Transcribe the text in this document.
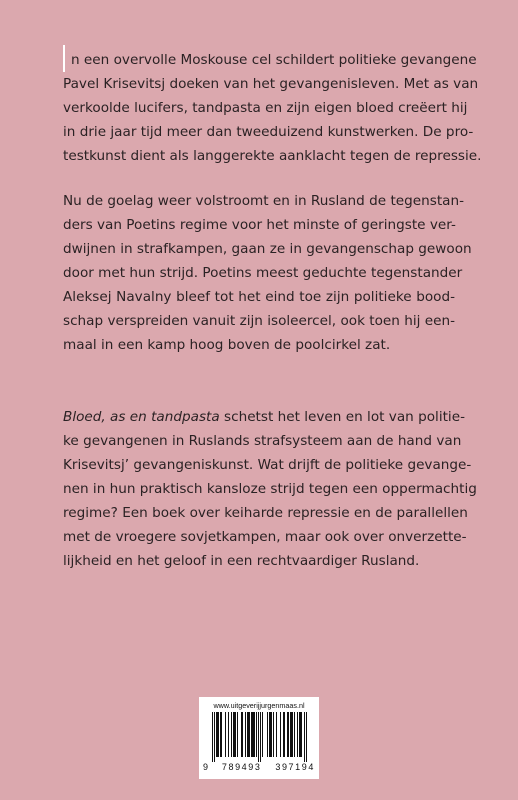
n een overvolle Moskouse cel schildert politieke gevangene
Pavel Krisevitsj doeken van het gevangenisleven. Met as van
verkoolde lucifers, tandpasta en zijn eigen bloed creëert hij
in drie jaar tijd meer dan tweeduizend kunstwerken. De pro-
testkunst dient als langgerekte aanklacht tegen de repressie.
Nu de goelag weer volstroomt en in Rusland de tegenstan-
ders van Poetins regime voor het minste of geringste ver-
dwijnen in strafkampen, gaan ze in gevangenschap gewoon
door met hun strijd. Poetins meest geduchte tegenstander
Aleksej Navalny bleef tot het eind toe zijn politieke bood-
schap verspreiden vanuit zijn isoleercel, ook toen hij een-
maal in een kamp hoog boven de poolcirkel zat.
Bloed, as en tandpasta schetst het leven en lot van politie-
ke gevangenen in Ruslands strafsysteem aan de hand van
Krisevitsj’ gevangeniskunst. Wat drijft de politieke gevange-
nen in hun praktisch kansloze strijd tegen een oppermachtig
regime? Een boek over keiharde repressie en de parallellen
met de vroegere sovjetkampen, maar ook over onverzette-
lijkheid en het geloof in een rechtvaardiger Rusland.
www.uitgeverijjurgenmaas.nl
9 789493 397194
